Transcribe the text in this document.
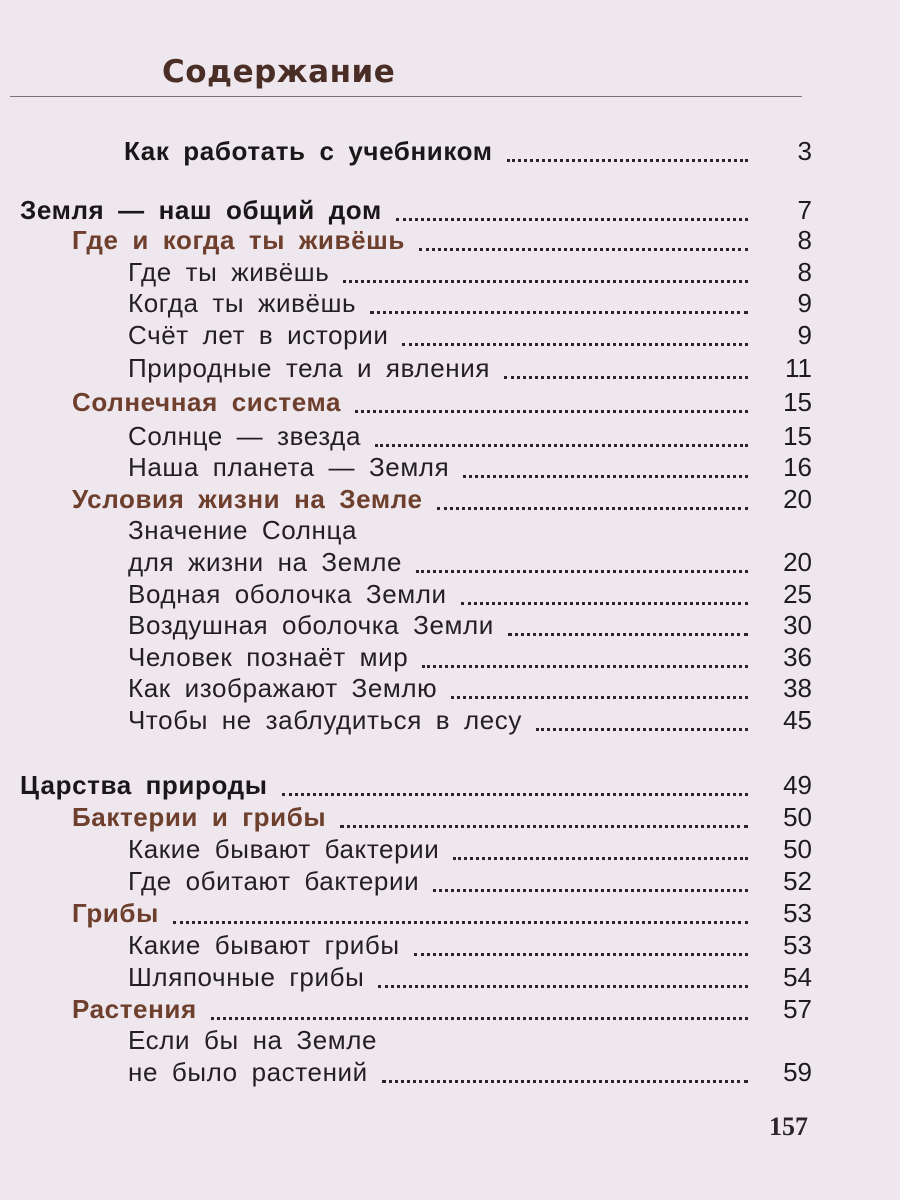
Содержание
Как работать с учебником	3
Земля — наш общий дом	7
Где и когда ты живёшь	8
Где ты живёшь	8
Когда ты живёшь	9
Счёт лет в истории	9
Природные тела и явления	11
Солнечная система	15
Солнце — звезда	15
Наша планета — Земля	16
Условия жизни на Земле	20
Значение Солнца
для жизни на Земле	20
Водная оболочка Земли	25
Воздушная оболочка Земли	30
Человек познаёт мир	36
Как изображают Землю	38
Чтобы не заблудиться в лесу	45
Царства природы	49
Бактерии и грибы	50
Какие бывают бактерии	50
Где обитают бактерии	52
Грибы	53
Какие бывают грибы	53
Шляпочные грибы	54
Растения	57
Если бы на Земле
не было растений	59
157
